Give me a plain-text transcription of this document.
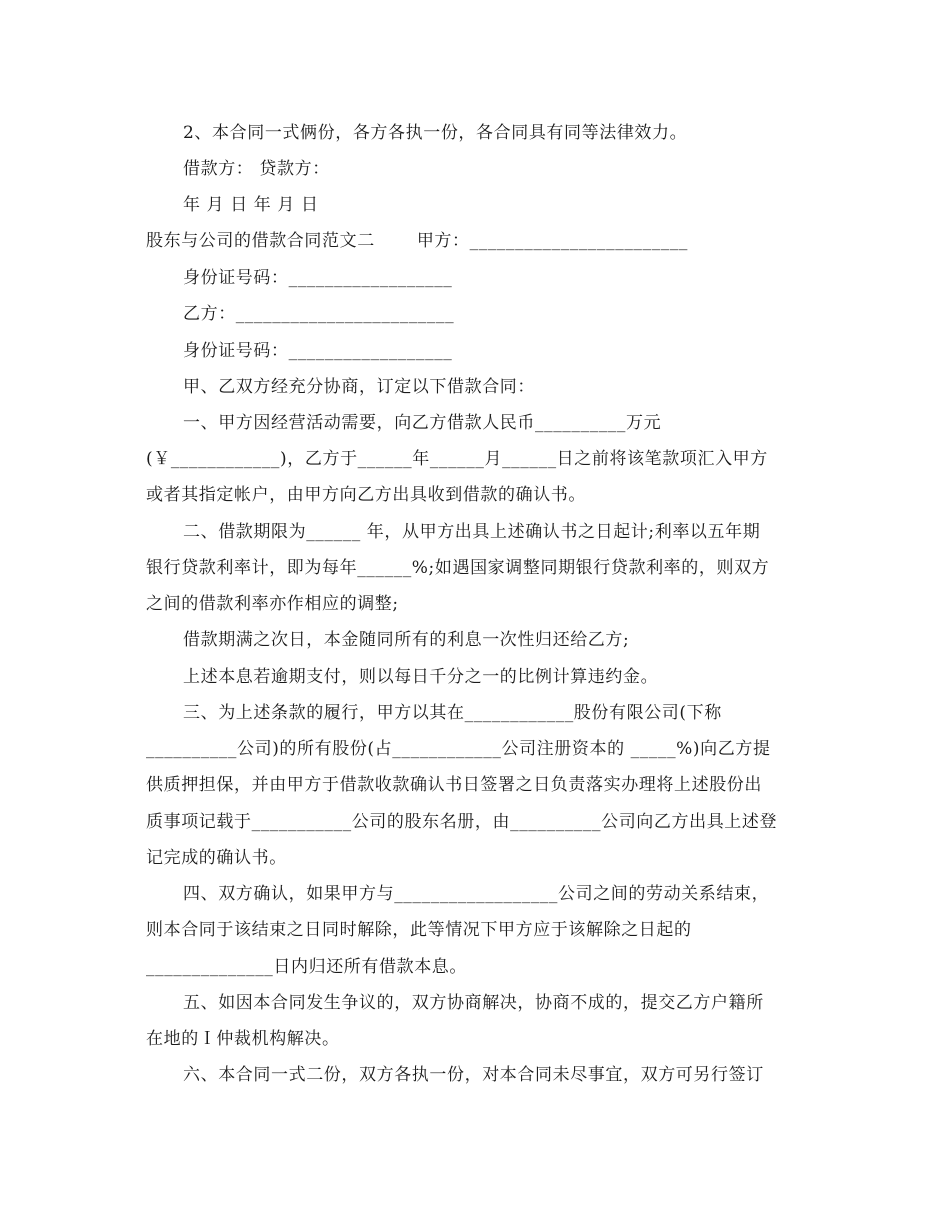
2、本合同一式俩份，各方各执一份，各合同具有同等法律效力。
借款方： 贷款方：
年 月 日 年 月 日
股东与公司的借款合同范文二       甲方：________________________
身份证号码：__________________
乙方：________________________
身份证号码：__________________
甲、乙双方经充分协商，订定以下借款合同：
一、甲方因经营活动需要，向乙方借款人民币__________万元
(￥____________)，乙方于______年______月______日之前将该笔款项汇入甲方
或者其指定帐户，由甲方向乙方出具收到借款的确认书。
二、借款期限为______ 年，从甲方出具上述确认书之日起计;利率以五年期
银行贷款利率计，即为每年______%;如遇国家调整同期银行贷款利率的，则双方
之间的借款利率亦作相应的调整;
借款期满之次日，本金随同所有的利息一次性归还给乙方;
上述本息若逾期支付，则以每日千分之一的比例计算违约金。
三、为上述条款的履行，甲方以其在____________股份有限公司(下称
__________公司)的所有股份(占____________公司注册资本的 _____%)向乙方提
供质押担保，并由甲方于借款收款确认书日签署之日负责落实办理将上述股份出
质事项记载于___________公司的股东名册，由__________公司向乙方出具上述登
记完成的确认书。
四、双方确认，如果甲方与__________________公司之间的劳动关系结束，
则本合同于该结束之日同时解除，此等情况下甲方应于该解除之日起的
______________日内归还所有借款本息。
五、如因本合同发生争议的，双方协商解决，协商不成的，提交乙方户籍所
在地的Ｉ仲裁机构解决。
六、本合同一式二份，双方各执一份，对本合同未尽事宜，双方可另行签订
